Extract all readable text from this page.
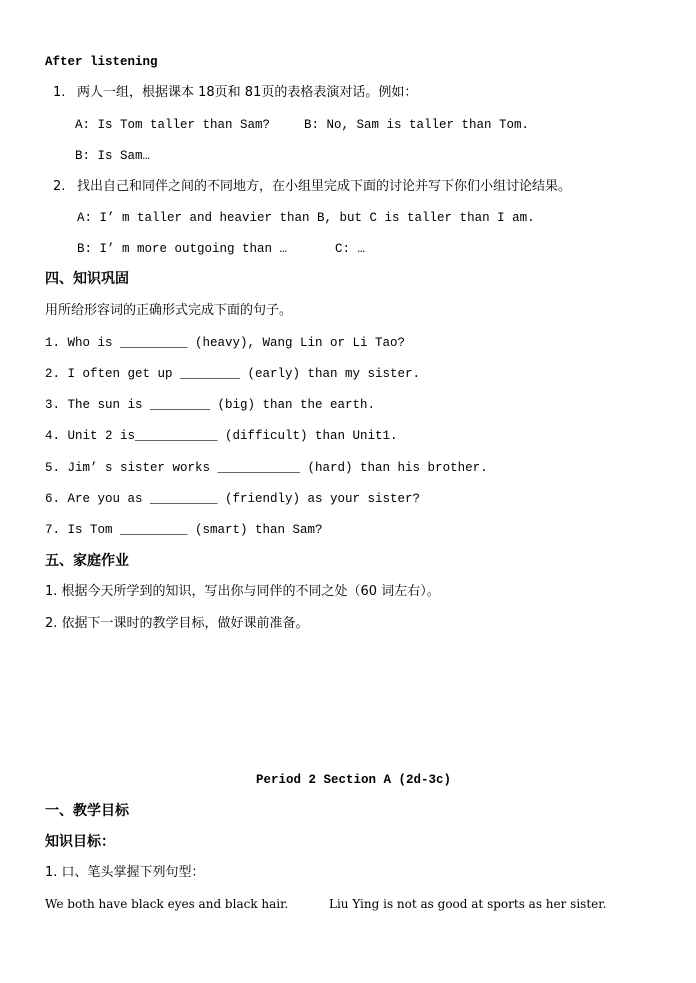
After listening
1. 两人一组，根据课本 18页和 81页的表格表演对话。例如：
A: Is Tom taller than Sam?	B: No, Sam is taller than Tom.
B: Is Sam…
2. 找出自己和同伴之间的不同地方，在小组里完成下面的讨论并写下你们小组讨论结果。
A: I’ m taller and heavier than B, but C is taller than I am.
B: I’ m more outgoing than …	C: …
四、知识巩固
用所给形容词的正确形式完成下面的句子。
1. Who is _________ (heavy), Wang Lin or Li Tao?
2. I often get up ________ (early) than my sister.
3. The sun is ________ (big) than the earth.
4. Unit 2 is___________ (difficult) than Unit1.
5. Jim’ s sister works ___________ (hard) than his brother.
6. Are you as _________ (friendly) as your sister?
7. Is Tom _________ (smart) than Sam?
五、家庭作业
1. 根据今天所学到的知识，写出你与同伴的不同之处（60 词左右）。
2. 依据下一课时的教学目标，做好课前准备。
Period 2 Section A (2d-3c)
一、教学目标
知识目标：
1. 口、笔头掌握下列句型：
We both have black eyes and black hair.	Liu Ying is not as good at sports as her sister.
